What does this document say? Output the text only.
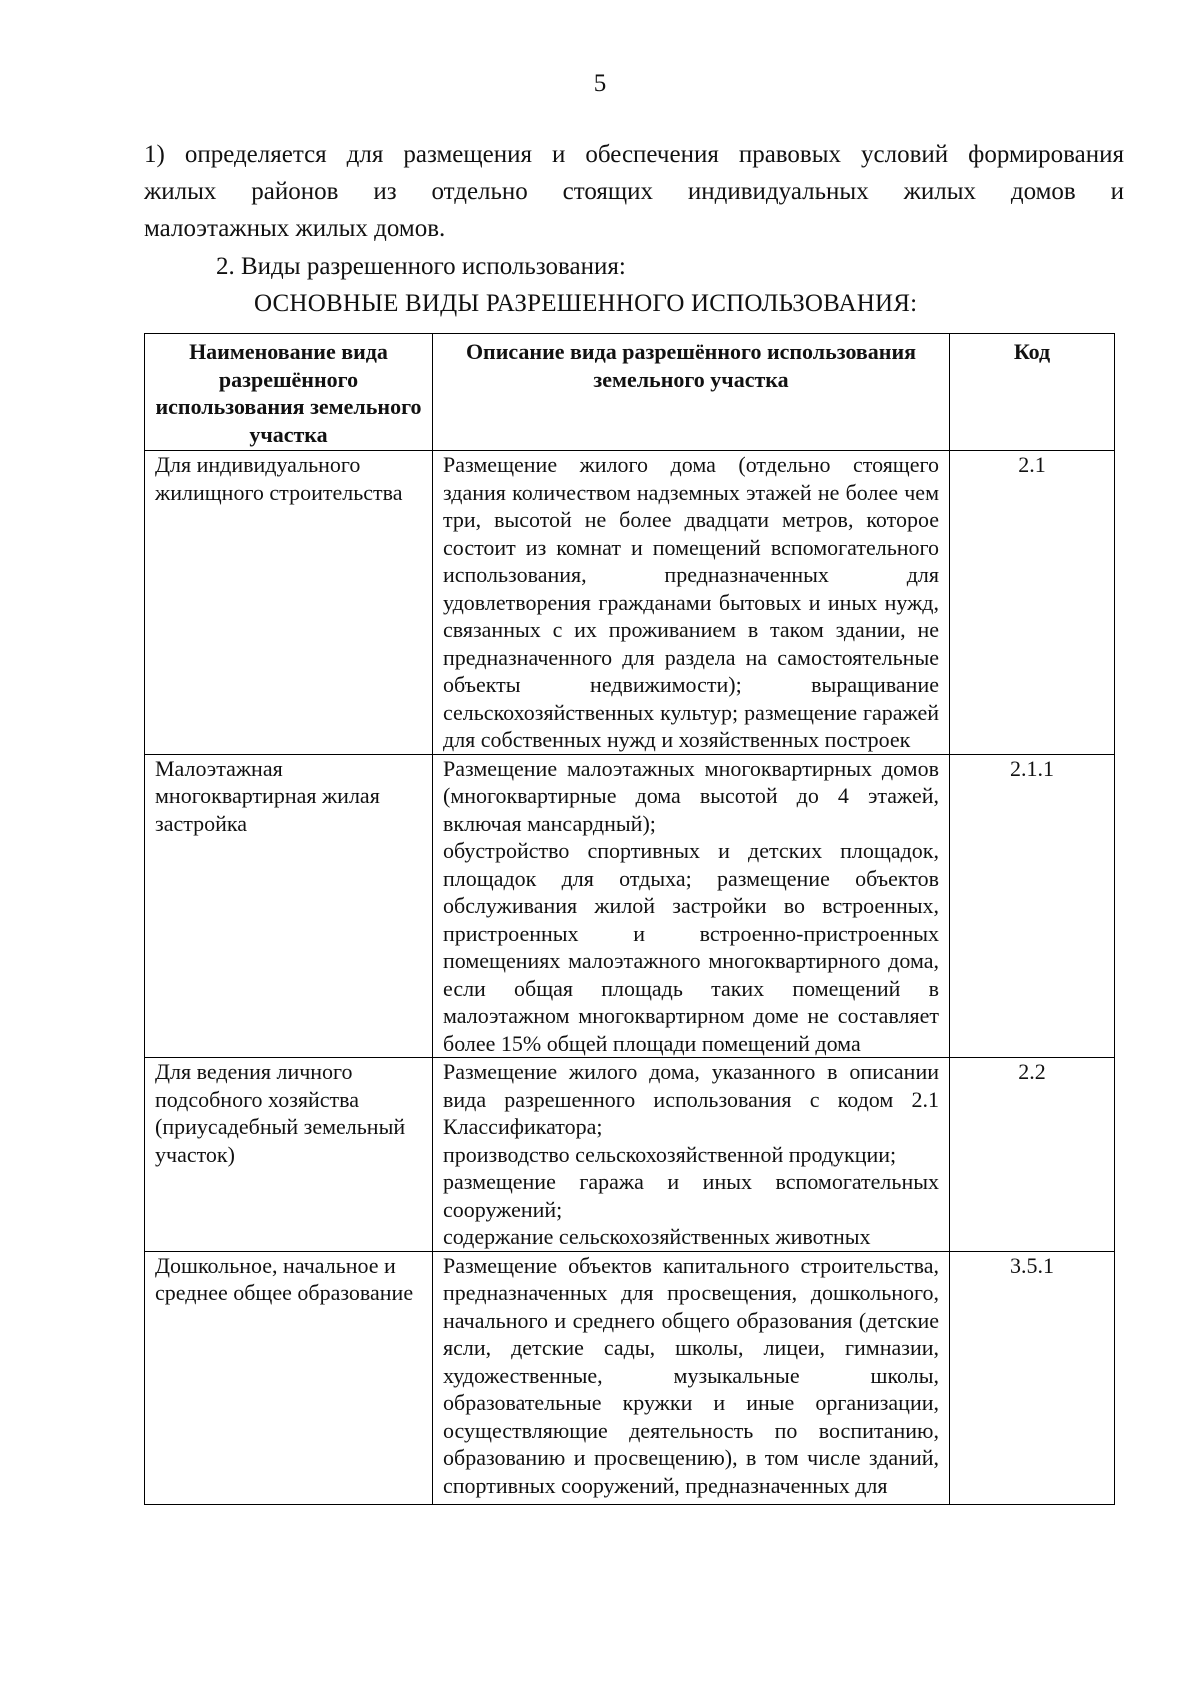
5
1) определяется для размещения и обеспечения правовых условий формирования
жилых районов из отдельно стоящих индивидуальных жилых домов и
малоэтажных жилых домов.
2. Виды разрешенного использования:
ОСНОВНЫЕ ВИДЫ РАЗРЕШЕННОГО ИСПОЛЬЗОВАНИЯ:
Наименование вида разрешённого использования земельного участка	Описание вида разрешённого использования земельного участка	Код
Для индивидуального жилищного строительства	Размещение жилого дома (отдельно стоящего здания количеством надземных этажей не более чем три, высотой не более двадцати метров, которое состоит из комнат и помещений вспомогательного использования, предназначенных для удовлетворения гражданами бытовых и иных нужд, связанных с их проживанием в таком здании, не предназначенного для раздела на самостоятельные объекты недвижимости); выращивание сельскохозяйственных культур; размещение гаражей для собственных нужд и хозяйственных построек	2.1
Малоэтажная многоквартирная жилая застройка	Размещение малоэтажных многоквартирных домов (многоквартирные дома высотой до 4 этажей, включая мансардный);
обустройство спортивных и детских площадок, площадок для отдыха; размещение объектов обслуживания жилой застройки во встроенных, пристроенных и встроенно-пристроенных помещениях малоэтажного многоквартирного дома, если общая площадь таких помещений в малоэтажном многоквартирном доме не составляет более 15% общей площади помещений дома	2.1.1
Для ведения личного подсобного хозяйства (приусадебный земельный участок)	Размещение жилого дома, указанного в описании вида разрешенного использования с кодом 2.1 Классификатора;
производство сельскохозяйственной продукции;
размещение гаража и иных вспомогательных сооружений;
содержание сельскохозяйственных животных	2.2
Дошкольное, начальное и среднее общее образование	Размещение объектов капитального строительства, предназначенных для просвещения, дошкольного, начального и среднего общего образования (детские ясли, детские сады, школы, лицеи, гимназии, художественные, музыкальные школы, образовательные кружки и иные организации, осуществляющие деятельность по воспитанию, образованию и просвещению), в том числе зданий, спортивных сооружений, предназначенных для	3.5.1
